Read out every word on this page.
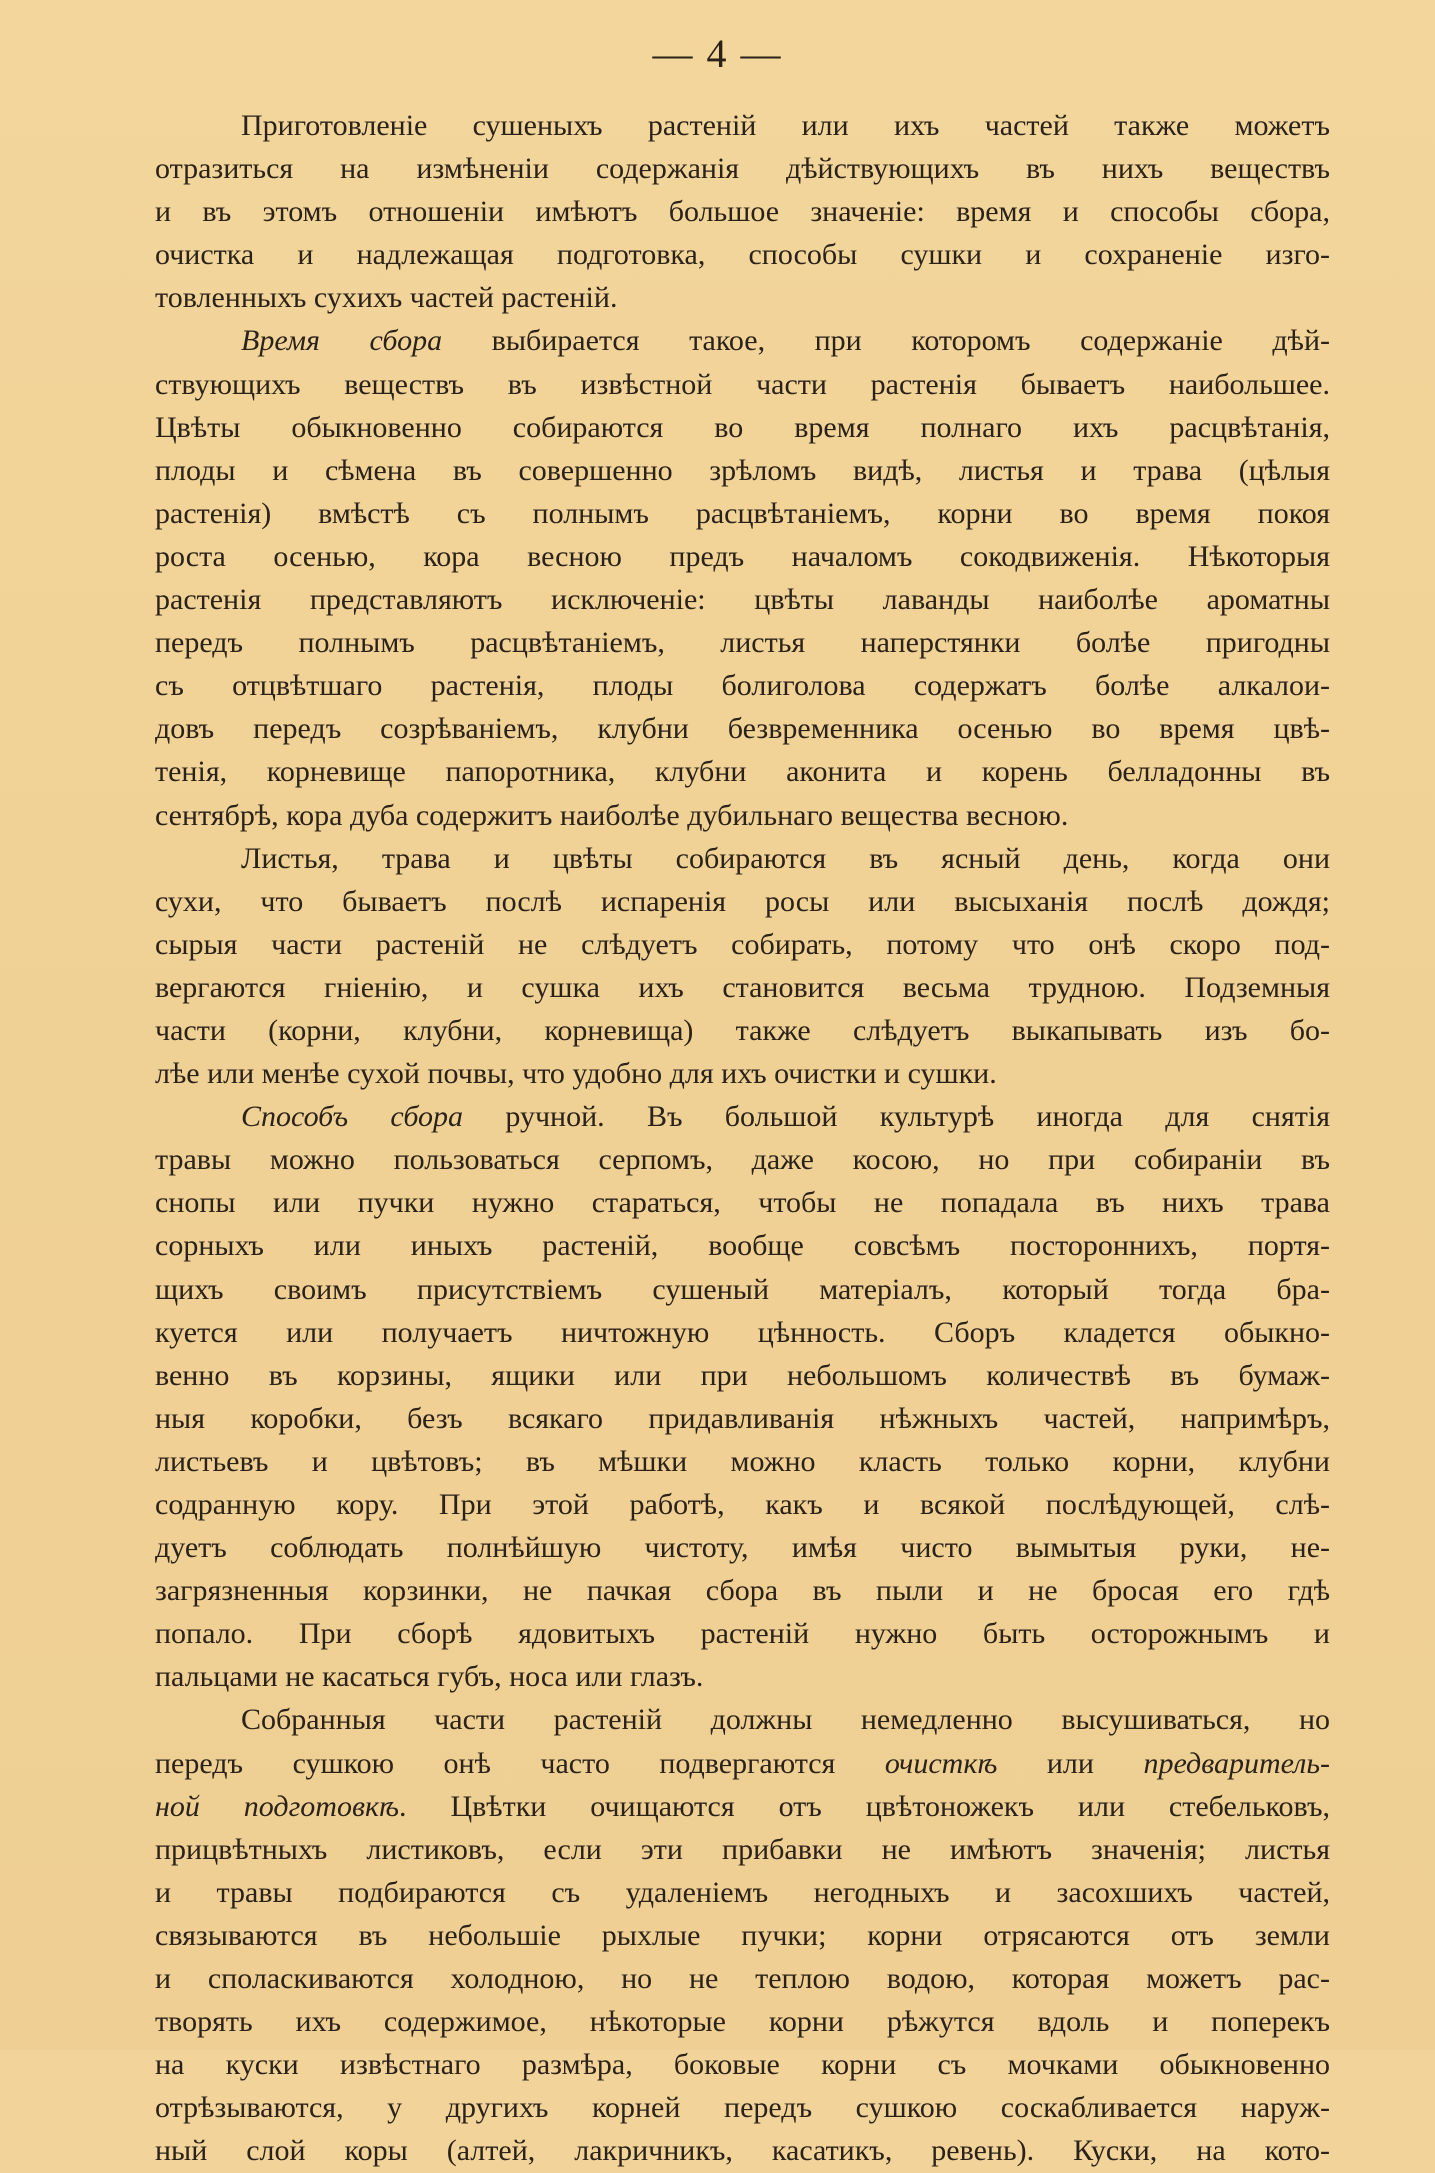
— 4 —
Приготовленіе сушеныхъ растеній или ихъ частей также можетъ
отразиться на измѣненіи содержанія дѣйствующихъ въ нихъ веществъ
и въ этомъ отношеніи имѣютъ большое значеніе: время и способы сбора,
очистка и надлежащая подготовка, способы сушки и сохраненіе изго-
товленныхъ сухихъ частей растеній.
Время сбора выбирается такое, при которомъ содержаніе дѣй-
ствующихъ веществъ въ извѣстной части растенія бываетъ наибольшее.
Цвѣты обыкновенно собираются во время полнаго ихъ расцвѣтанія,
плоды и сѣмена въ совершенно зрѣломъ видѣ, листья и трава (цѣлыя
растенія) вмѣстѣ съ полнымъ расцвѣтаніемъ, корни во время покоя
роста осенью, кора весною предъ началомъ сокодвиженія. Нѣкоторыя
растенія представляютъ исключеніе: цвѣты лаванды наиболѣе ароматны
передъ полнымъ расцвѣтаніемъ, листья наперстянки болѣе пригодны
съ отцвѣтшаго растенія, плоды болиголова содержатъ болѣе алкалои-
довъ передъ созрѣваніемъ, клубни безвременника осенью во время цвѣ-
тенія, корневище папоротника, клубни аконита и корень белладонны въ
сентябрѣ, кора дуба содержитъ наиболѣе дубильнаго вещества весною.
Листья, трава и цвѣты собираются въ ясный день, когда они
сухи, что бываетъ послѣ испаренія росы или высыханія послѣ дождя;
сырыя части растеній не слѣдуетъ собирать, потому что онѣ скоро под-
вергаются гніенію, и сушка ихъ становится весьма трудною. Подземныя
части (корни, клубни, корневища) также слѣдуетъ выкапывать изъ бо-
лѣе или менѣе сухой почвы, что удобно для ихъ очистки и сушки.
Способъ сбора ручной. Въ большой культурѣ иногда для снятія
травы можно пользоваться серпомъ, даже косою, но при собираніи въ
снопы или пучки нужно стараться, чтобы не попадала въ нихъ трава
сорныхъ или иныхъ растеній, вообще совсѣмъ постороннихъ, портя-
щихъ своимъ присутствіемъ сушеный матеріалъ, который тогда бра-
куется или получаетъ ничтожную цѣнность. Сборъ кладется обыкно-
венно въ корзины, ящики или при небольшомъ количествѣ въ бумаж-
ныя коробки, безъ всякаго придавливанія нѣжныхъ частей, напримѣръ,
листьевъ и цвѣтовъ; въ мѣшки можно класть только корни, клубни
содранную кору. При этой работѣ, какъ и всякой послѣдующей, слѣ-
дуетъ соблюдать полнѣйшую чистоту, имѣя чисто вымытыя руки, не-
загрязненныя корзинки, не пачкая сбора въ пыли и не бросая его гдѣ
попало. При сборѣ ядовитыхъ растеній нужно быть осторожнымъ и
пальцами не касаться губъ, носа или глазъ.
Собранныя части растеній должны немедленно высушиваться, но
передъ сушкою онѣ часто подвергаются очисткѣ или предваритель-
ной подготовкѣ. Цвѣтки очищаются отъ цвѣтоножекъ или стебельковъ,
прицвѣтныхъ листиковъ, если эти прибавки не имѣютъ значенія; листья
и травы подбираются съ удаленіемъ негодныхъ и засохшихъ частей,
связываются въ небольшіе рыхлые пучки; корни отрясаются отъ земли
и споласкиваются холодною, но не теплою водою, которая можетъ рас-
творять ихъ содержимое, нѣкоторые корни рѣжутся вдоль и поперекъ
на куски извѣстнаго размѣра, боковые корни съ мочками обыкновенно
отрѣзываются, у другихъ корней передъ сушкою соскабливается наруж-
ный слой коры (алтей, лакричникъ, касатикъ, ревень). Куски, на кото-
